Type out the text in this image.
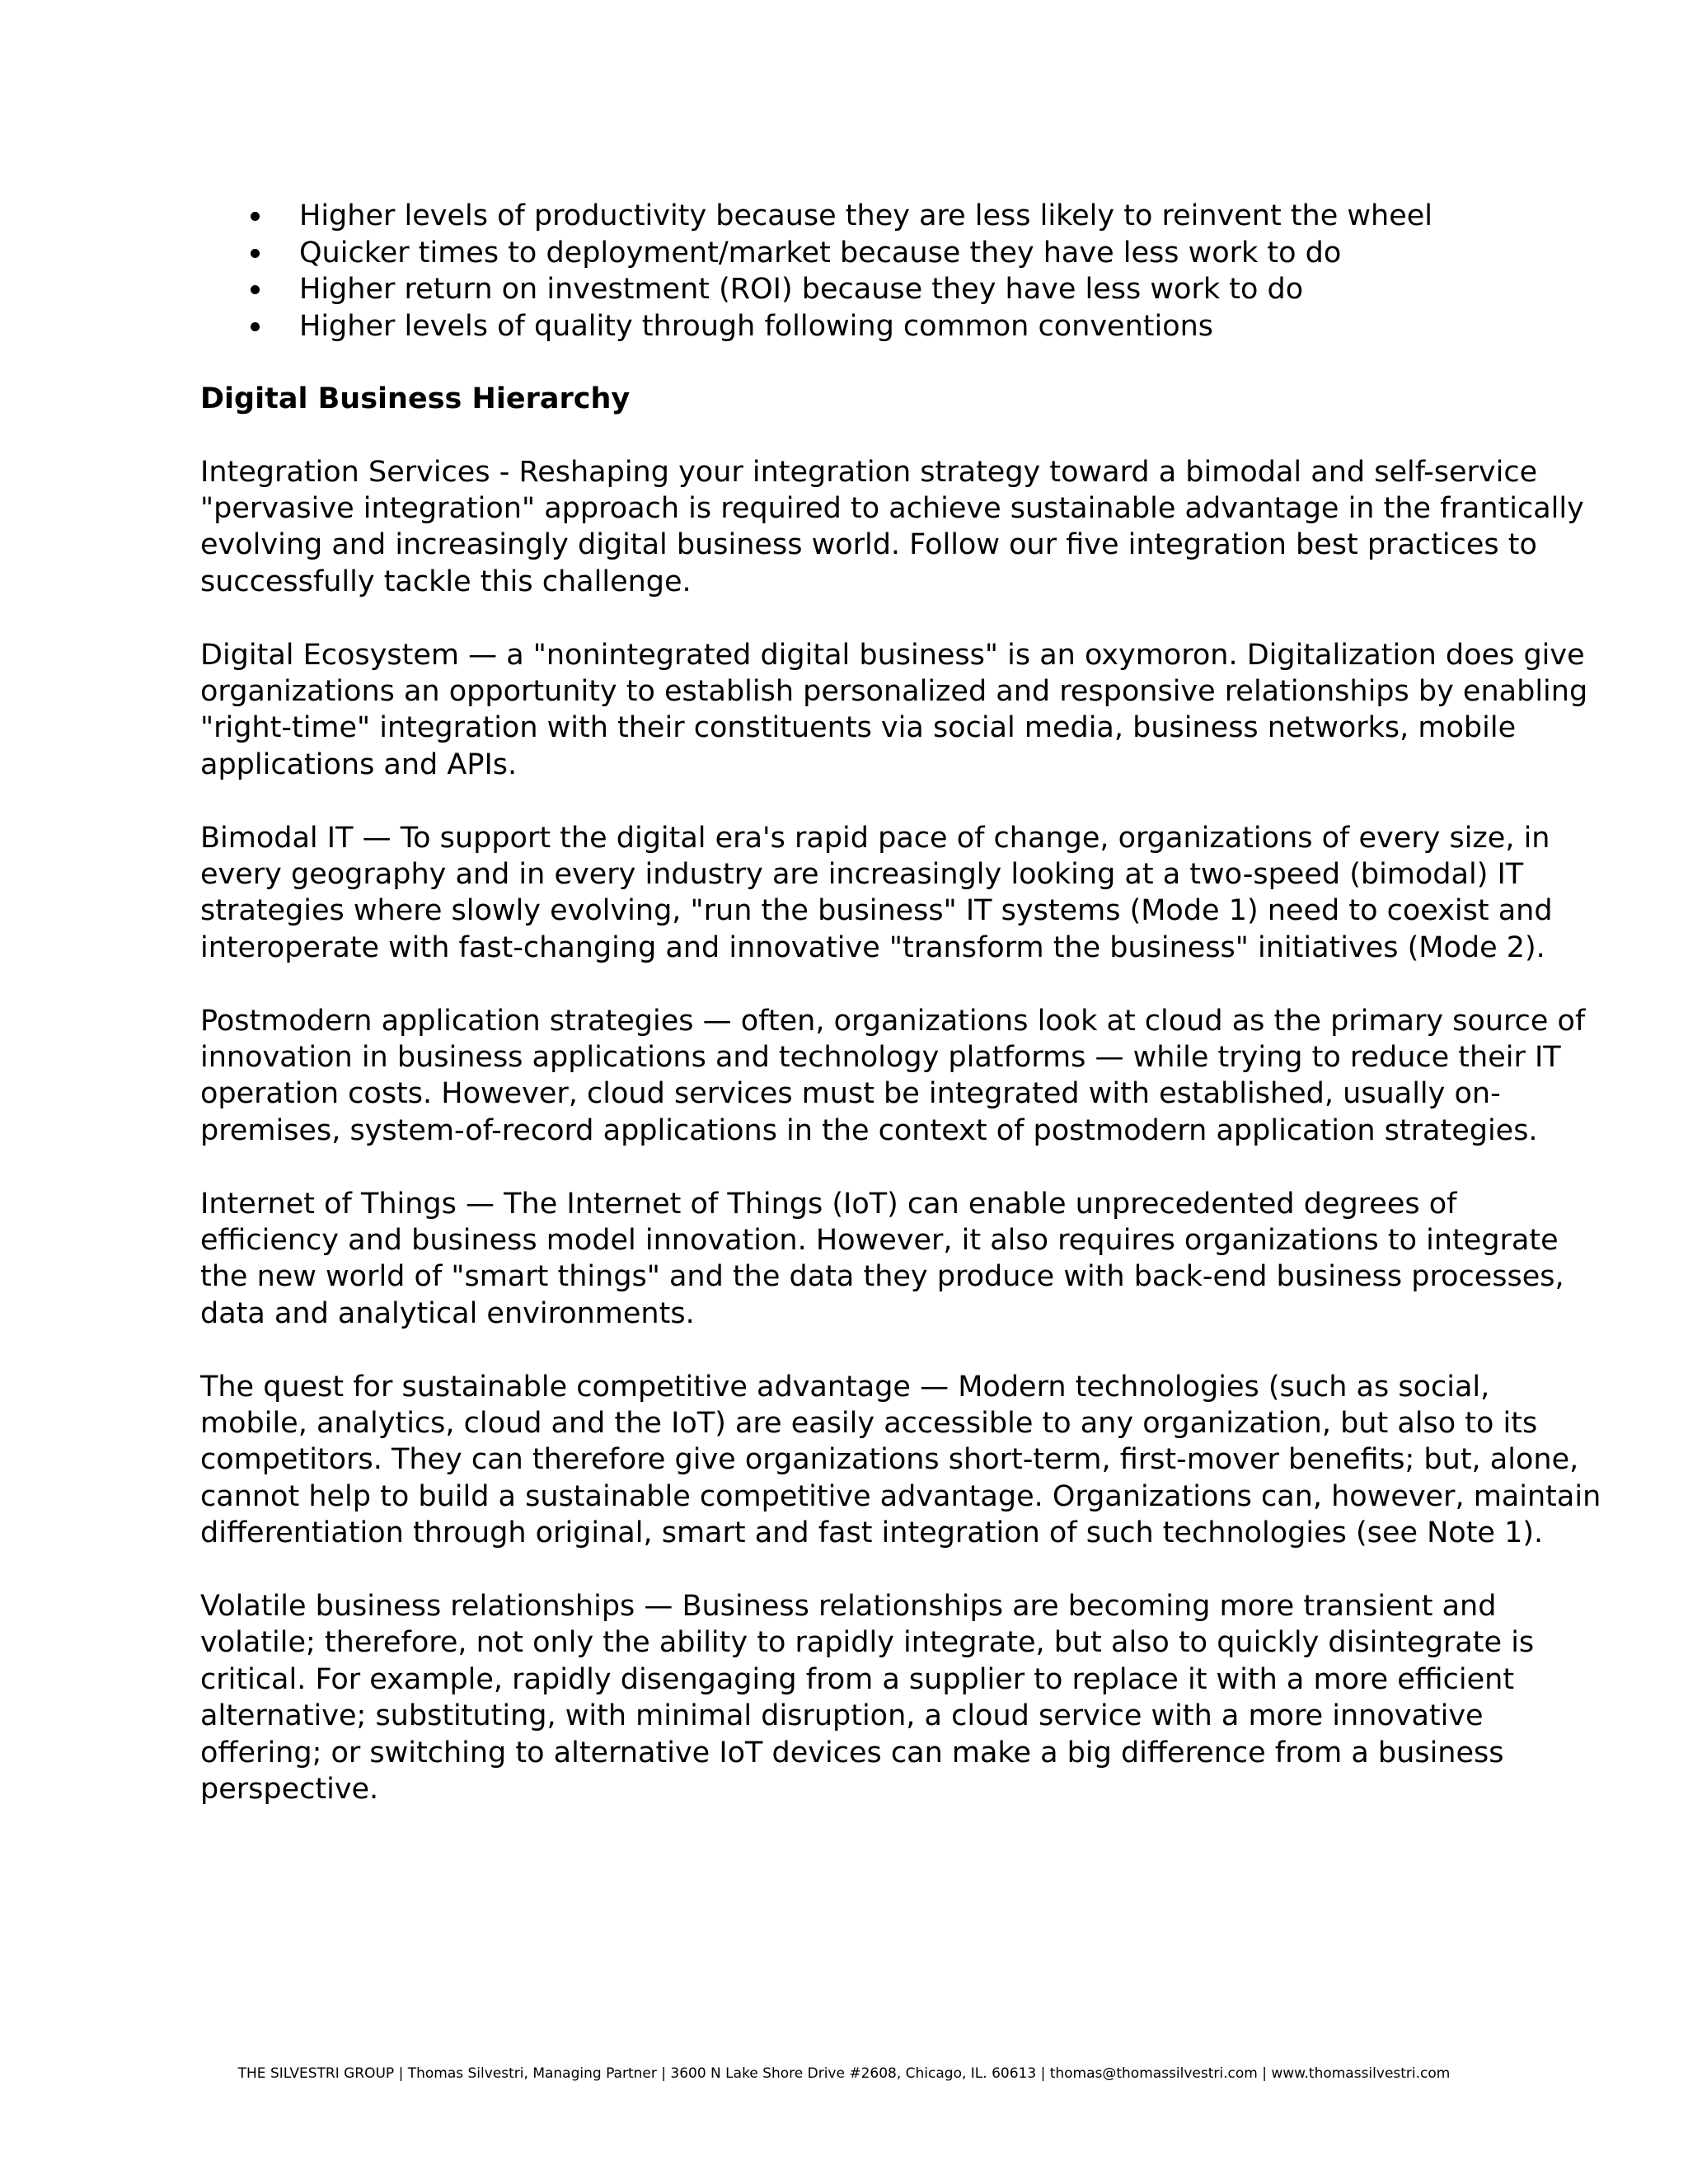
Higher levels of productivity because they are less likely to reinvent the wheel
Quicker times to deployment/market because they have less work to do
Higher return on investment (ROI) because they have less work to do
Higher levels of quality through following common conventions
Digital Business Hierarchy
Integration Services - Reshaping your integration strategy toward a bimodal and self-service
"pervasive integration" approach is required to achieve sustainable advantage in the frantically
evolving and increasingly digital business world. Follow our five integration best practices to
successfully tackle this challenge.
Digital Ecosystem — a "nonintegrated digital business" is an oxymoron. Digitalization does give
organizations an opportunity to establish personalized and responsive relationships by enabling
"right-time" integration with their constituents via social media, business networks, mobile
applications and APIs.
Bimodal IT — To support the digital era's rapid pace of change, organizations of every size, in
every geography and in every industry are increasingly looking at a two-speed (bimodal) IT
strategies where slowly evolving, "run the business" IT systems (Mode 1) need to coexist and
interoperate with fast-changing and innovative "transform the business" initiatives (Mode 2).
Postmodern application strategies — often, organizations look at cloud as the primary source of
innovation in business applications and technology platforms — while trying to reduce their IT
operation costs. However, cloud services must be integrated with established, usually on-
premises, system-of-record applications in the context of postmodern application strategies.
Internet of Things — The Internet of Things (IoT) can enable unprecedented degrees of
efficiency and business model innovation. However, it also requires organizations to integrate
the new world of "smart things" and the data they produce with back-end business processes,
data and analytical environments.
The quest for sustainable competitive advantage — Modern technologies (such as social,
mobile, analytics, cloud and the IoT) are easily accessible to any organization, but also to its
competitors. They can therefore give organizations short-term, first-mover benefits; but, alone,
cannot help to build a sustainable competitive advantage. Organizations can, however, maintain
differentiation through original, smart and fast integration of such technologies (see Note 1).
Volatile business relationships — Business relationships are becoming more transient and
volatile; therefore, not only the ability to rapidly integrate, but also to quickly disintegrate is
critical. For example, rapidly disengaging from a supplier to replace it with a more efficient
alternative; substituting, with minimal disruption, a cloud service with a more innovative
offering; or switching to alternative IoT devices can make a big difference from a business
perspective.
THE SILVESTRI GROUP | Thomas Silvestri, Managing Partner | 3600 N Lake Shore Drive #2608, Chicago, IL. 60613 | thomas@thomassilvestri.com | www.thomassilvestri.com
